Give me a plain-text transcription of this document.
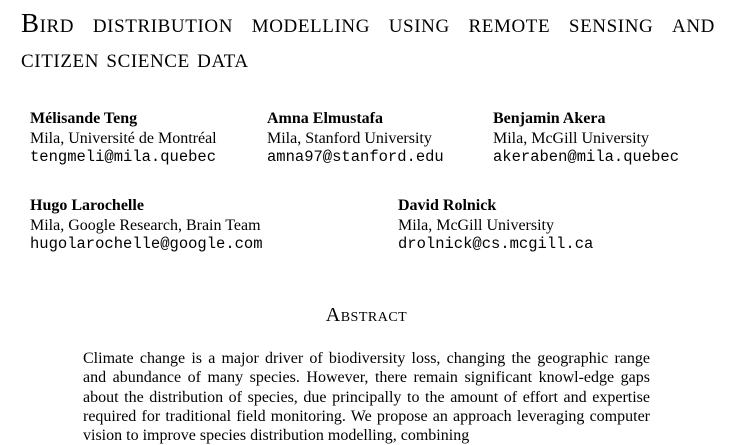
Bird distribution modelling using remote sensing and citizen science data
Mélisande Teng
Mila, Université de Montréal
tengmeli@mila.quebec
Amna Elmustafa
Mila, Stanford University
amna97@stanford.edu
Benjamin Akera
Mila, McGill University
akeraben@mila.quebec
Hugo Larochelle
Mila, Google Research, Brain Team
hugolarochelle@google.com
David Rolnick
Mila, McGill University
drolnick@cs.mcgill.ca
Abstract

Climate change is a major driver of biodiversity loss, changing the geographic range and abundance of many species. However, there remain significant knowl-edge gaps about the distribution of species, due principally to the amount of effort and expertise required for traditional field monitoring. We propose an approach leveraging computer vision to improve species distribution modelling, combining
